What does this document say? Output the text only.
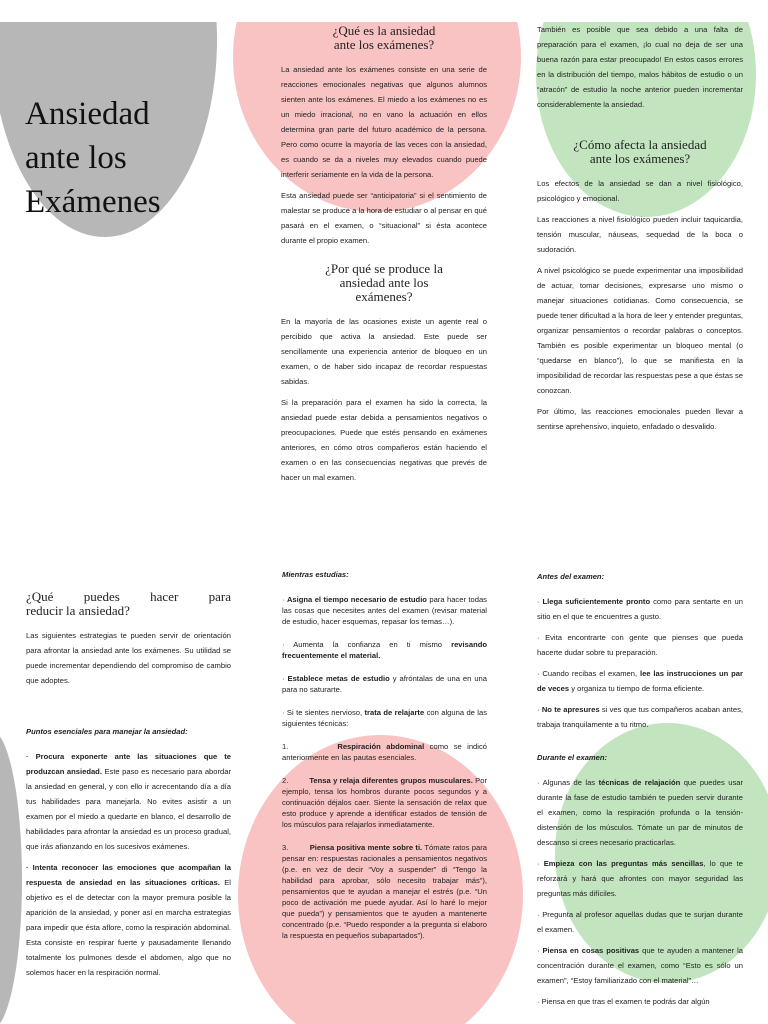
Ansiedad
ante los
Exámenes
¿Qué es la ansiedad
ante los exámenes?

La ansiedad ante los exámenes consiste en una serie de reacciones emocionales negativas que algunos alumnos sienten ante los exámenes. El miedo a los exámenes no es un miedo irracional, no en vano la actuación en ellos determina gran parte del futuro académico de la persona. Pero como ocurre la mayoría de las veces con la ansiedad, es cuando se da a niveles muy elevados cuando puede interferir seriamente en la vida de la persona.

Esta ansiedad puede ser “anticipatoria” si el sentimiento de malestar se produce a la hora de estudiar o al pensar en qué pasará en el examen, o “situacional” si ésta acontece durante el propio examen.

¿Por qué se produce la
ansiedad ante los
exámenes?

En la mayoría de las ocasiones existe un agente real o percibido que activa la ansiedad. Este puede ser sencillamente una experiencia anterior de bloqueo en un examen, o de haber sido incapaz de recordar respuestas sabidas.

Si la preparación para el examen ha sido la correcta, la ansiedad puede estar debida a pensamientos negativos o preocupaciones. Puede que estés pensando en exámenes anteriores, en cómo otros compañeros están haciendo el examen o en las consecuencias negativas que prevés de hacer un mal examen.

También es posible que sea debido a una falta de preparación para el examen, ¡lo cual no deja de ser una buena razón para estar preocupado! En estos casos errores en la distribución del tiempo, malos hábitos de estudio o un “atracón” de estudio la noche anterior pueden incrementar considerablemente la ansiedad.

¿Cómo afecta la ansiedad
ante los exámenes?

Los efectos de la ansiedad se dan a nivel fisiológico, psicológico y emocional.

Las reacciones a nivel fisiológico pueden incluir taquicardia, tensión muscular, náuseas, sequedad de la boca o sudoración.

A nivel psicológico se puede experimentar una imposibilidad de actuar, tomar decisiones, expresarse uno mismo o manejar situaciones cotidianas. Como consecuencia, se puede tener dificultad a la hora de leer y entender preguntas, organizar pensamientos o recordar palabras o conceptos. También es posible experimentar un bloqueo mental (o “quedarse en blanco”), lo que se manifiesta en la imposibilidad de recordar las respuestas pese a que éstas se conozcan.

Por último, las reacciones emocionales pueden llevar a sentirse aprehensivo, inquieto, enfadado o desvalido.

¿Qué puedes hacer para
reducir la ansiedad?

Las siguientes estrategias te pueden servir de orientación para afrontar la ansiedad ante los exámenes. Su utilidad se puede incrementar dependiendo del compromiso de cambio que adoptes.

Puntos esenciales para manejar la ansiedad:

· Procura exponerte ante las situaciones que te produzcan ansiedad. Este paso es necesario para abordar la ansiedad en general, y con ello ir acrecentando día a día tus habilidades para manejarla. No evites asistir a un examen por el miedo a quedarte en blanco, el desarrollo de habilidades para afrontar la ansiedad es un proceso gradual, que irás afianzando en los sucesivos exámenes.

· Intenta reconocer las emociones que acompañan la respuesta de ansiedad en las situaciones críticas. El objetivo es el de detectar con la mayor premura posible la aparición de la ansiedad, y poner así en marcha estrategias para impedir que ésta aflore, como la respiración abdominal. Esta consiste en respirar fuerte y pausadamente llenando totalmente los pulmones desde el abdomen, algo que no solemos hacer en la respiración normal.

Mientras estudias:

· Asigna el tiempo necesario de estudio para hacer todas las cosas que necesites antes del examen (revisar material de estudio, hacer esquemas, repasar los temas…).

· Aumenta la confianza en ti mismo revisando frecuentemente el material.

· Establece metas de estudio y afróntalas de una en una para no saturarte.

· Si te sientes nervioso, trata de relajarte con alguna de las siguientes técnicas:

1.	Respiración abdominal como se indicó anteriormente en las pautas esenciales.

2.	Tensa y relaja diferentes grupos musculares. Por ejemplo, tensa los hombros durante pocos segundos y a continuación déjalos caer. Siente la sensación de relax que esto produce y aprende a identificar estados de tensión de los músculos para relajarlos inmediatamente.

3.	Piensa positiva mente sobre ti. Tómate ratos para pensar en: respuestas racionales a pensamientos negativos (p.e. en vez de decir “Voy a suspender” di “Tengo la habilidad para aprobar, sólo necesito trabajar más”), pensamientos que te ayudan a manejar el estrés (p.e. “Un poco de activación me puede ayudar. Así lo haré lo mejor que pueda”) y pensamientos que te ayuden a mantenerte concentrado (p.e. “Puedo responder a la pregunta si elaboro la respuesta en pequeños subapartados”).

Antes del examen:

· Llega suficientemente pronto como para sentarte en un sitio en el que te encuentres a gusto.

· Evita encontrarte con gente que pienses que pueda hacerte dudar sobre tu preparación.

· Cuando recibas el examen, lee las instrucciones un par de veces y organiza tu tiempo de forma eficiente.

· No te apresures si ves que tus compañeros acaban antes, trabaja tranquilamente a tu ritmo.

Durante el examen:

· Algunas de las técnicas de relajación que puedes usar durante la fase de estudio también te pueden servir durante el examen, como la respiración profunda o la tensión-distensión de los músculos. Tómate un par de minutos de descanso si crees necesario practicarlas.

· Empieza con las preguntas más sencillas, lo que te reforzará y hará que afrontes con mayor seguridad las preguntas más difíciles.

· Pregunta al profesor aquellas dudas que te surjan durante el examen.

· Piensa en cosas positivas que te ayuden a mantener la concentración durante el examen, como “Esto es sólo un examen”, “Estoy familiarizado con el material”…

· Piensa en que tras el examen te podrás dar algún
